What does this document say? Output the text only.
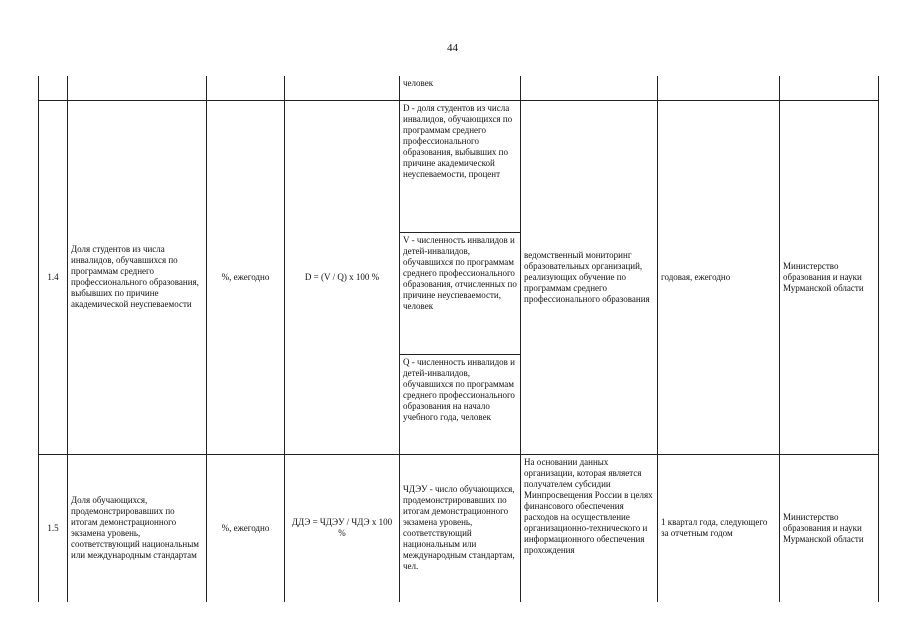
44
				человек			
1.4	Доля студентов из числа инвалидов, обучавшихся по программам среднего профессионального образования, выбывших по причине академической неуспеваемости	%, ежегодно	D = (V / Q) x 100 %	D - доля студентов из числа инвалидов, обучающихся по программам среднего профессионального образования, выбывших по причине академической неуспеваемости, процент	ведомственный мониторинг образовательных организаций, реализующих обучение по программам среднего профессионального образования	годовая, ежегодно	Министерство образования и науки Мурманской области
				V - численность инвалидов и детей-инвалидов, обучавшихся по программам среднего профессионального образования, отчисленных по причине неуспеваемости, человек			
				Q - численность инвалидов и детей-инвалидов, обучавшихся по программам среднего профессионального образования на начало учебного года, человек			
1.5	Доля обучающихся, продемонстрировавших по итогам демонстрационного экзамена уровень, соответствующий национальным или международным стандартам	%, ежегодно	ДДЭ = ЧДЭУ / ЧДЭ x 100 %	ЧДЭУ - число обучающихся, продемонстрировавших по итогам демонстрационного экзамена уровень, соответствующий национальным или международным стандартам, чел.	На основании данных организации, которая является получателем субсидии Минпросвещения России в целях финансового обеспечения расходов на осуществление организационно-технического и информационного обеспечения прохождения	1 квартал года, следующего за отчетным годом	Министерство образования и науки Мурманской области
